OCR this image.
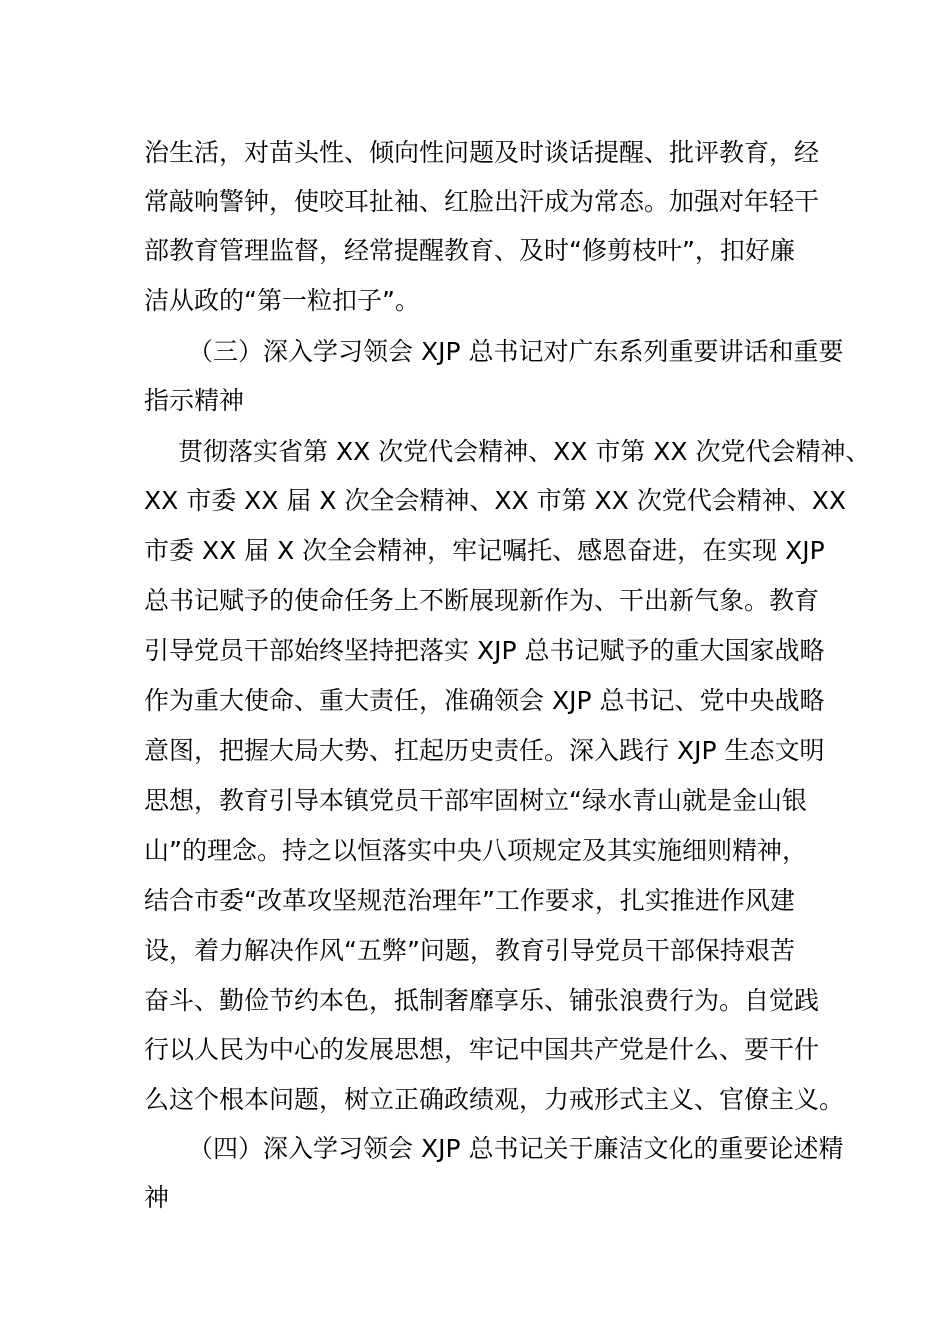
治生活，对苗头性、倾向性问题及时谈话提醒、批评教育，经
常敲响警钟，使咬耳扯袖、红脸出汗成为常态。加强对年轻干
部教育管理监督，经常提醒教育、及时“修剪枝叶”，扣好廉
洁从政的“第一粒扣子”。
（三）深入学习领会 XJP 总书记对广东系列重要讲话和重要
指示精神
贯彻落实省第 XX 次党代会精神、XX 市第 XX 次党代会精神、
XX 市委 XX 届 X 次全会精神、XX 市第 XX 次党代会精神、XX
市委 XX 届 X 次全会精神，牢记嘱托、感恩奋进，在实现 XJP
总书记赋予的使命任务上不断展现新作为、干出新气象。教育
引导党员干部始终坚持把落实 XJP 总书记赋予的重大国家战略
作为重大使命、重大责任，准确领会 XJP 总书记、党中央战略
意图，把握大局大势、扛起历史责任。深入践行 XJP 生态文明
思想，教育引导本镇党员干部牢固树立“绿水青山就是金山银
山”的理念。持之以恒落实中央八项规定及其实施细则精神，
结合市委“改革攻坚规范治理年”工作要求，扎实推进作风建
设，着力解决作风“五弊”问题，教育引导党员干部保持艰苦
奋斗、勤俭节约本色，抵制奢靡享乐、铺张浪费行为。自觉践
行以人民为中心的发展思想，牢记中国共产党是什么、要干什
么这个根本问题，树立正确政绩观，力戒形式主义、官僚主义。
（四）深入学习领会 XJP 总书记关于廉洁文化的重要论述精
神
